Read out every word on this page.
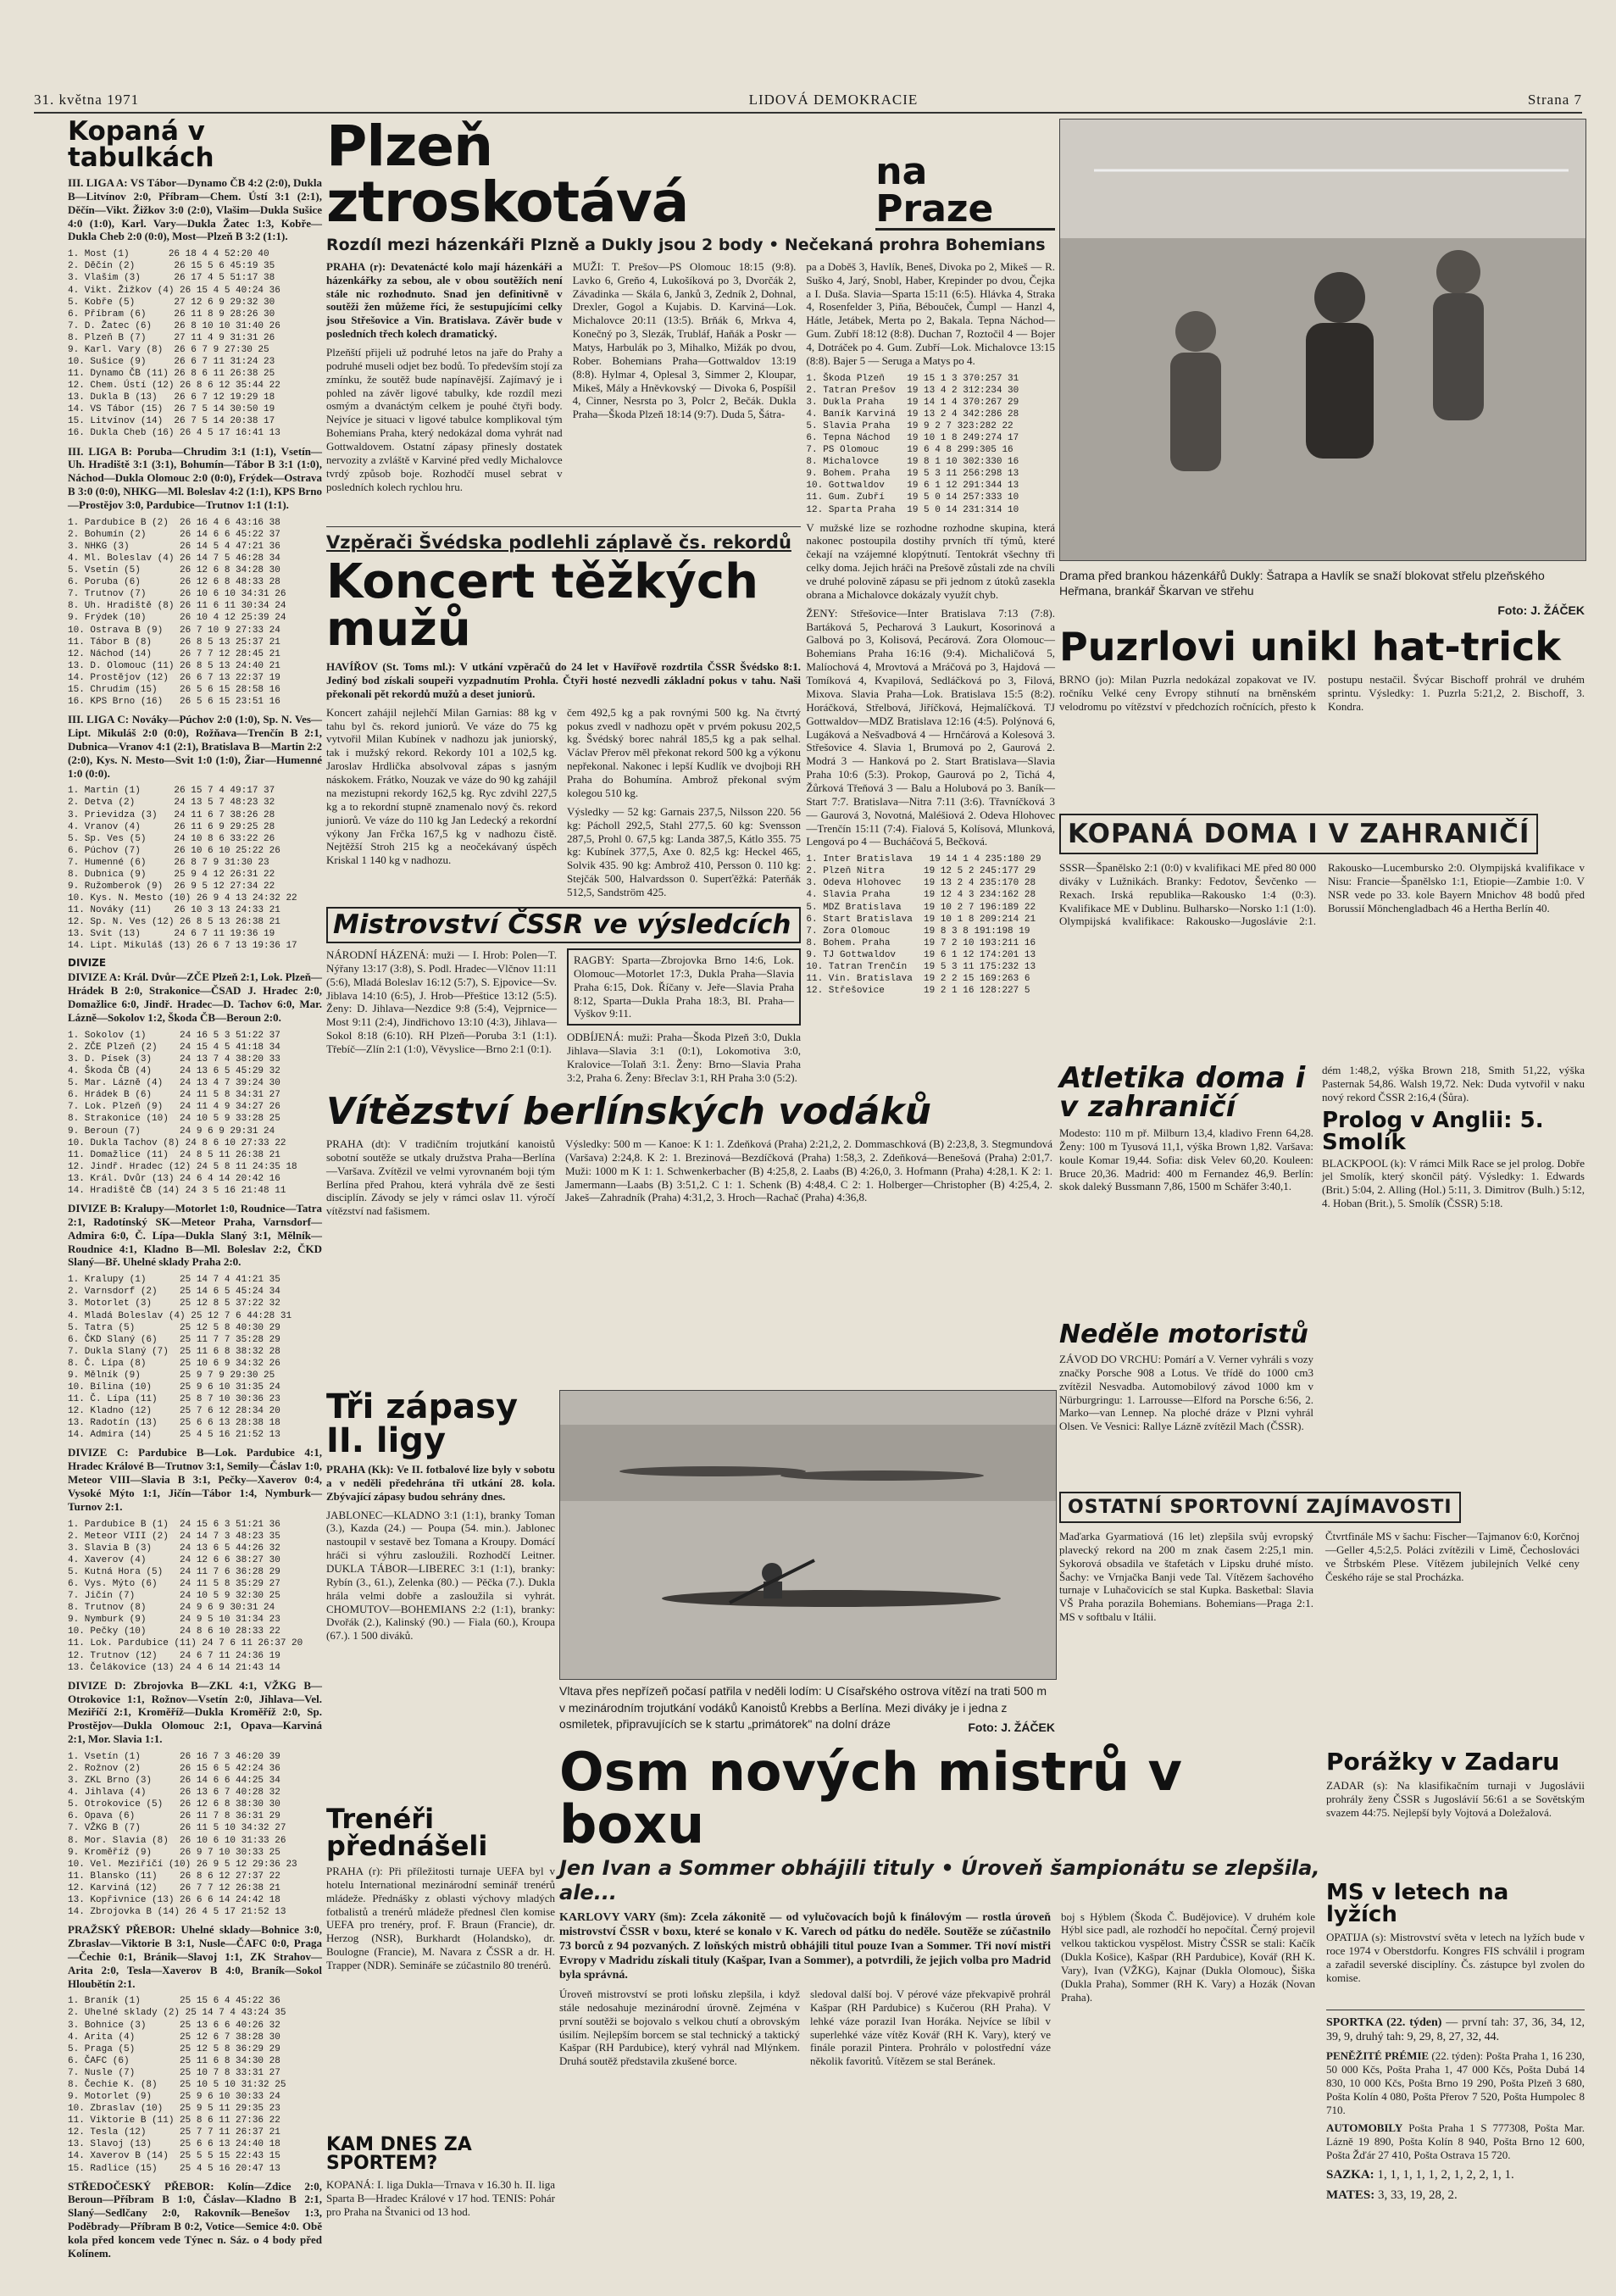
31. května 1971	LIDOVÁ DEMOKRACIE	Strana 7
Kopaná v tabulkách

III. LIGA A: VS Tábor—Dynamo ČB 4:2 (2:0), Dukla B—Litvínov 2:0, Příbram—Chem. Ústí 3:1 (2:1), Děčín—Vikt. Žižkov 3:0 (2:0), Vlašim—Dukla Sušice 4:0 (1:0), Karl. Vary—Dukla Žatec 1:3, Kobře—Dukla Cheb 2:0 (0:0), Most—Plzeň B 3:2 (1:1).

1. Most (1)       26 18 4 4 52:20 40
2. Děčín (2)       26 15 5 6 45:19 35
3. Vlašim (3)      26 17 4 5 51:17 38
4. Vikt. Žižkov (4) 26 15 4 5 40:24 36
5. Kobře (5)       27 12 6 9 29:32 30
6. Příbram (6)     26 11 8 9 28:26 30
7. D. Žatec (6)    26 8 10 10 31:40 26
8. Plzeň B (7)     27 11 4 9 31:31 26
9. Karl. Vary (8)  26 6 7 9 27:30 25
10. Sušice (9)     26 6 7 11 31:24 23
11. Dynamo ČB (11) 26 8 6 11 26:38 25
12. Chem. Ústí (12) 26 8 6 12 35:44 22
13. Dukla B (13)   26 6 7 12 19:29 18
14. VS Tábor (15)  26 7 5 14 30:50 19
15. Litvínov (14)  26 7 5 14 20:38 17
16. Dukla Cheb (16) 26 4 5 17 16:41 13

III. LIGA B: Poruba—Chrudim 3:1 (1:1), Vsetín—Uh. Hradiště 3:1 (3:1), Bohumín—Tábor B 3:1 (1:0), Náchod—Dukla Olomouc 2:0 (0:0), Frýdek—Ostrava B 3:0 (0:0), NHKG—Ml. Boleslav 4:2 (1:1), KPS Brno—Prostějov 3:0, Pardubice—Trutnov 1:1 (1:1).

1. Pardubice B (2)  26 16 4 6 43:16 38
2. Bohumín (2)      26 14 6 6 45:22 37
3. NHKG (3)         26 14 5 4 47:21 36
4. Ml. Boleslav (4) 26 14 7 5 46:28 34
5. Vsetín (5)       26 12 6 8 34:28 30
6. Poruba (6)       26 12 6 8 48:33 28
7. Trutnov (7)      26 10 6 10 34:31 26
8. Uh. Hradiště (8) 26 11 6 11 30:34 24
9. Frýdek (10)      26 10 4 12 25:39 24
10. Ostrava B (9)   26 7 10 9 27:33 24
11. Tábor B (8)     26 8 5 13 25:37 21
12. Náchod (14)     26 7 7 12 28:45 21
13. D. Olomouc (11) 26 8 5 13 24:40 21
14. Prostějov (12)  26 6 7 13 22:37 19
15. Chrudim (15)    26 5 6 15 28:58 16
16. KPS Brno (16)   26 5 6 15 23:51 16

III. LIGA C: Nováky—Púchov 2:0 (1:0), Sp. N. Ves—Lipt. Mikuláš 2:0 (0:0), Rožňava—Trenčín B 2:1, Dubnica—Vranov 4:1 (2:1), Bratislava B—Martin 2:2 (2:0), Kys. N. Mesto—Svit 1:0 (1:0), Žiar—Humenné 1:0 (0:0).

1. Martin (1)      26 15 7 4 49:17 37
2. Detva (2)       24 13 5 7 48:23 32
3. Prievidza (3)   24 11 6 7 38:26 28
4. Vranov (4)      26 11 6 9 29:25 28
5. Sp. Ves (5)     24 10 8 6 33:22 26
6. Púchov (7)      26 10 6 10 25:22 26
7. Humenné (6)     26 8 7 9 31:30 23
8. Dubnica (9)     25 9 4 12 26:31 22
9. Ružomberok (9)  26 9 5 12 27:34 22
10. Kys. N. Mesto (10) 26 9 4 13 24:32 22
11. Nováky (11)    26 10 3 13 24:33 21
12. Sp. N. Ves (12) 26 8 5 13 26:38 21
13. Svit (13)      24 6 7 11 19:36 19
14. Lipt. Mikuláš (13) 26 6 7 13 19:36 17
DIVIZE

DIVIZE A: Král. Dvůr—ZČE Plzeň 2:1, Lok. Plzeň—Hrádek B 2:0, Strakonice—ČSAD J. Hradec 2:0, Domažlice 6:0, Jindř. Hradec—D. Tachov 6:0, Mar. Lázně—Sokolov 1:2, Škoda ČB—Beroun 2:0.

1. Sokolov (1)      24 16 5 3 51:22 37
2. ZČE Plzeň (2)    24 15 4 5 41:18 34
3. D. Písek (3)     24 13 7 4 38:20 33
4. Škoda ČB (4)     24 13 6 5 45:29 32
5. Mar. Lázně (4)   24 13 4 7 39:24 30
6. Hrádek B (6)     24 11 5 8 34:31 27
7. Lok. Plzeň (9)   24 11 4 9 34:27 26
8. Strakonice (10)  24 10 5 9 33:28 25
9. Beroun (7)       24 9 6 9 29:31 24
10. Dukla Tachov (8) 24 8 6 10 27:33 22
11. Domažlice (11)  24 8 5 11 26:38 21
12. Jindř. Hradec (12) 24 5 8 11 24:35 18
13. Král. Dvůr (13) 24 6 4 14 20:42 16
14. Hradiště ČB (14) 24 3 5 16 21:48 11

DIVIZE B: Kralupy—Motorlet 1:0, Roudnice—Tatra 2:1, Radotínský SK—Meteor Praha, Varnsdorf—Admira 6:0, Č. Lípa—Dukla Slaný 3:1, Mělník—Roudnice 4:1, Kladno B—Ml. Boleslav 2:2, ČKD Slaný—Bř. Uhelné sklady Praha 2:0.

1. Kralupy (1)      25 14 7 4 41:21 35
2. Varnsdorf (2)    25 14 6 5 45:24 34
3. Motorlet (3)     25 12 8 5 37:22 32
4. Mladá Boleslav (4) 25 12 7 6 44:28 31
5. Tatra (5)        25 12 5 8 40:30 29
6. ČKD Slaný (6)    25 11 7 7 35:28 29
7. Dukla Slaný (7)  25 11 6 8 38:32 28
8. Č. Lípa (8)      25 10 6 9 34:32 26
9. Mělník (9)       25 9 7 9 29:30 25
10. Bílina (10)     25 9 6 10 31:35 24
11. Č. Lípa (11)    25 8 7 10 30:36 23
12. Kladno (12)     25 7 6 12 28:34 20
13. Radotín (13)    25 6 6 13 28:38 18
14. Admira (14)     25 4 5 16 21:52 13

DIVIZE C: Pardubice B—Lok. Pardubice 4:1, Hradec Králové B—Trutnov 3:1, Semily—Čáslav 1:0, Meteor VIII—Slavia B 3:1, Pečky—Xaverov 0:4, Vysoké Mýto 1:1, Jičín—Tábor 1:4, Nymburk—Turnov 2:1.

1. Pardubice B (1)  24 15 6 3 51:21 36
2. Meteor VIII (2)  24 14 7 3 48:23 35
3. Slavia B (3)     24 13 6 5 44:26 32
4. Xaverov (4)      24 12 6 6 38:27 30
5. Kutná Hora (5)   24 11 7 6 36:28 29
6. Vys. Mýto (6)    24 11 5 8 35:29 27
7. Jičín (7)        24 10 5 9 32:30 25
8. Trutnov (8)      24 9 6 9 30:31 24
9. Nymburk (9)      24 9 5 10 31:34 23
10. Pečky (10)      24 8 6 10 28:33 22
11. Lok. Pardubice (11) 24 7 6 11 26:37 20
12. Trutnov (12)    24 6 7 11 24:36 19
13. Čelákovice (13) 24 4 6 14 21:43 14

DIVIZE D: Zbrojovka B—ZKL 4:1, VŽKG B—Otrokovice 1:1, Rožnov—Vsetín 2:0, Jihlava—Vel. Meziříčí 2:1, Kroměříž—Dukla Kroměříž 2:0, Sp. Prostějov—Dukla Olomouc 2:1, Opava—Karviná 2:1, Mor. Slavia 1:1.

1. Vsetín (1)       26 16 7 3 46:20 39
2. Rožnov (2)       26 15 6 5 42:24 36
3. ZKL Brno (3)     26 14 6 6 44:25 34
4. Jihlava (4)      26 13 6 7 40:28 32
5. Otrokovice (5)   26 12 6 8 38:30 30
6. Opava (6)        26 11 7 8 36:31 29
7. VŽKG B (7)       26 11 5 10 34:32 27
8. Mor. Slavia (8)  26 10 6 10 31:33 26
9. Kroměříž (9)     26 9 7 10 30:33 25
10. Vel. Meziříčí (10) 26 9 5 12 29:36 23
11. Blansko (11)    26 8 6 12 27:37 22
12. Karviná (12)    26 7 7 12 26:38 21
13. Kopřivnice (13) 26 6 6 14 24:42 18
14. Zbrojovka B (14) 26 4 5 17 21:52 13

PRAŽSKÝ PŘEBOR: Uhelné sklady—Bohnice 3:0, Zbraslav—Viktorie B 3:1, Nusle—ČAFC 0:0, Praga—Čechie 0:1, Bránik—Slavoj 1:1, ZK Strahov—Arita 2:0, Tesla—Xaverov B 4:0, Braník—Sokol Hloubětín 2:1.

1. Braník (1)       25 15 6 4 45:22 36
2. Uhelné sklady (2) 25 14 7 4 43:24 35
3. Bohnice (3)      25 13 6 6 40:26 32
4. Arita (4)        25 12 6 7 38:28 30
5. Praga (5)        25 12 5 8 36:29 29
6. ČAFC (6)         25 11 6 8 34:30 28
7. Nusle (7)        25 10 7 8 33:31 27
8. Čechie K. (8)    25 10 5 10 31:32 25
9. Motorlet (9)     25 9 6 10 30:33 24
10. Zbraslav (10)   25 9 5 11 29:35 23
11. Viktorie B (11) 25 8 6 11 27:36 22
12. Tesla (12)      25 7 7 11 26:37 21
13. Slavoj (13)     25 6 6 13 24:40 18
14. Xaverov B (14)  25 5 5 15 22:43 15
15. Radlice (15)    25 4 5 16 20:47 13

STŘEDOČESKÝ PŘEBOR: Kolín—Zdice 2:0, Beroun—Příbram B 1:0, Čáslav—Kladno B 2:1, Slaný—Sedlčany 2:0, Rakovník—Benešov 1:3, Poděbrady—Příbram B 0:2, Votice—Semice 4:0. Obě kola před koncem vede Týnec n. Sáz. o 4 body před Kolínem.

Plzeň ztroskotává	na Praze
Rozdíl mezi házenkáři Plzně a Dukly jsou 2 body • Nečekaná prohra Bohemians

PRAHA (r): Devatenácté kolo mají házenkáři a házenkářky za sebou, ale v obou soutěžích není stále nic rozhodnuto. Snad jen definitivně v soutěži žen můžeme říci, že sestupujícími celky jsou Střešovice a Vin. Bratislava. Závěr bude v posledních třech kolech dramatický.

Plzeňští přijeli už podruhé letos na jaře do Prahy a podruhé museli odjet bez bodů. To především stojí za zmínku, že soutěž bude napínavější. Zajímavý je i pohled na závěr ligové tabulky, kde rozdíl mezi osmým a dvanáctým celkem je pouhé čtyři body. Nejvíce je situaci v ligové tabulce komplikoval tým Bohemians Praha, který nedokázal doma vyhrát nad Gottwaldovem. Ostatní zápasy přinesly dostatek nervozity a zvláště v Karviné před vedly Michalovce tvrdý způsob boje. Rozhodčí musel sebrat v posledních kolech rychlou hru.

MUŽI: T. Prešov—PS Olomouc 18:15 (9:8). Lavko 6, Greňo 4, Lukošíková po 3, Dvorčák 2, Závadinka — Skála 6, Janků 3, Zedník 2, Dohnal, Drexler, Gogol a Kujabis. D. Karviná—Lok. Michalovce 20:11 (13:5). Brňák 6, Mrkva 4, Konečný po 3, Slezák, Trubláf, Haňák a Poskr — Matys, Harbulák po 3, Mihalko, Mižák po dvou, Rober. Bohemians Praha—Gottwaldov 13:19 (8:8). Hylmar 4, Oplesal 3, Simmer 2, Kloupar, Mikeš, Mály a Hněvkovský — Divoka 6, Pospíšil 4, Cinner, Nesrsta po 3, Polcr 2, Bečák. Dukla Praha—Škoda Plzeň 18:14 (9:7). Duda 5, Šátra-

pa a Doběš 3, Havlík, Beneš, Divoka po 2, Mikeš — R. Suško 4, Jarý, Snobl, Haber, Krepinder po dvou, Čejka a I. Duša. Slavia—Sparta 15:11 (6:5). Hlávka 4, Straka 4, Rosenfelder 3, Piňa, Bébouček, Čumpl — Hanzl 4, Hátle, Jetábek, Merta po 2, Bakala. Tepna Náchod—Gum. Zubří 18:12 (8:8). Duchan 7, Roztočil 4 — Bojer 4, Dotráček po 4. Gum. Zubří—Lok. Michalovce 13:15 (8:8). Bajer 5 — Seruga a Matys po 4.

1. Škoda Plzeň    19 15 1 3 370:257 31
2. Tatran Prešov  19 13 4 2 312:234 30
3. Dukla Praha    19 14 1 4 370:267 29
4. Baník Karviná  19 13 2 4 342:286 28
5. Slavia Praha   19 9 2 7 323:282 22
6. Tepna Náchod   19 10 1 8 249:274 17
7. PS Olomouc     19 6 4 8 299:305 16
8. Michalovce     19 8 1 10 302:330 16
9. Bohem. Praha   19 5 3 11 256:298 13
10. Gottwaldov    19 6 1 12 291:344 13
11. Gum. Zubří    19 5 0 14 257:333 10
12. Sparta Praha  19 5 0 14 231:314 10

V mužské lize se rozhodne rozhodne skupina, která nakonec postoupila dostihy prvních tří týmů, které čekají na vzájemné klopýtnutí. Tentokrát všechny tři celky doma. Jejich hráči na Prešově zůstali zde na chvíli ve druhé polovině zápasu se při jednom z útoků zasekla obrana a Michalovce dokázaly využít chyb.

ŽENY: Střešovice—Inter Bratislava 7:13 (7:8). Bartáková 5, Pecharová 3 Laukurt, Kosorinová a Galbová po 3, Kolisová, Pecárová. Zora Olomouc—Bohemians Praha 16:16 (9:4). Michaličová 5, Malíochová 4, Mrovtová a Mráčová po 3, Hajdová — Tomíková 4, Kvapilová, Sedláčková po 3, Filová, Mixova. Slavia Praha—Lok. Bratislava 15:5 (8:2). Horáčková, Střelbová, Jiříčková, Hejmalíčková. TJ Gottwaldov—MDZ Bratislava 12:16 (4:5). Polýnová 6, Lugáková a Nešvadbová 4 — Hrnčárová a Kolesová 3. Střešovice 4. Slavia 1, Brumová po 2, Gaurová 2. Modrá 3 — Hanková po 2. Start Bratislava—Slavia Praha 10:6 (5:3). Prokop, Gaurová po 2, Tichá 4, Žůrková Třeňová 3 — Balu a Holubová po 3. Baník—Start 7:7. Bratislava—Nitra 7:11 (3:6). Třavníčková 3 — Gaurová 3, Novotná, Maléšiová 2. Odeva Hlohovec—Trenčín 15:11 (7:4). Fialová 5, Kolísová, Mlunková, Lengová po 4 — Bucháčová 5, Bečková.

1. Inter Bratislava   19 14 1 4 235:180 29
2. Plzeň Nitra       19 12 5 2 245:177 29
3. Odeva Hlohovec    19 13 2 4 235:170 28
4. Slavia Praha      19 12 4 3 234:162 28
5. MDZ Bratislava    19 10 2 7 196:189 22
6. Start Bratislava  19 10 1 8 209:214 21
7. Zora Olomouc      19 8 3 8 191:198 19
8. Bohem. Praha      19 7 2 10 193:211 16
9. TJ Gottwaldov     19 6 1 12 174:201 13
10. Tatran Trenčín   19 5 3 11 175:232 13
11. Vin. Bratislava  19 2 2 15 169:263 6
12. Střešovice       19 2 1 16 128:227 5
Vzpěrači Švédska podlehli záplavě čs. rekordů
Koncert těžkých mužů

HAVÍŘOV (St. Toms ml.): V utkání vzpěračů do 24 let v Havířově rozdrtila ČSSR Švédsko 8:1. Jediný bod získali soupeři vyzpadnutím Prohla. Čtyři hosté nezvedli základní pokus v tahu. Naši překonali pět rekordů mužů a deset juniorů.

Koncert zahájil nejlehčí Milan Garnias: 88 kg v tahu byl čs. rekord juniorů. Ve váze do 75 kg vytvořil Milan Kubínek v nadhozu jak juniorský, tak i mužský rekord. Rekordy 101 a 102,5 kg. Jaroslav Hrdlička absolvoval zápas s jasným náskokem. Frátko, Nouzak ve váze do 90 kg zahájil na mezistupni rekordy 162,5 kg. Ryc zdvihl 227,5 kg a to rekordní stupně znamenalo nový čs. rekord juniorů. Ve váze do 110 kg Jan Ledecký a rekordní výkony Jan Frčka 167,5 kg v nadhozu čistě. Nejtěžší Stroh 215 kg a neočekávaný úspěch Kriskal 1 140 kg v nadhozu.

čem 492,5 kg a pak rovnými 500 kg. Na čtvrtý pokus zvedl v nadhozu opět v prvém pokusu 202,5 kg. Švédský borec nahrál 185,5 kg a pak selhal. Václav Přerov měl překonat rekord 500 kg a výkonu nepřekonal. Nakonec i lepší Kudlík ve dvojboji RH Praha do Bohumína. Ambrož překonal svým kolegou 510 kg.

Výsledky — 52 kg: Garnais 237,5, Nilsson 220. 56 kg: Pácholl 292,5, Stahl 277,5. 60 kg: Svensson 287,5, Prohl 0. 67,5 kg: Landa 387,5, Kátlo 355. 75 kg: Kubínek 377,5, Axe 0. 82,5 kg: Heckel 465, Solvik 435. 90 kg: Ambrož 410, Persson 0. 110 kg: Stejčák 500, Halvardsson 0. Superťěžká: Paterňák 512,5, Sandström 425.

Mistrovství ČSSR ve výsledcích

NÁRODNÍ HÁZENÁ: muži — I. Hrob: Polen—T. Nýřany 13:17 (3:8), S. Podl. Hradec—Vlčnov 11:11 (5:6), Mladá Boleslav 16:12 (5:7), S. Ejpovice—Sv. Jiblava 14:10 (6:5), J. Hrob—Přeštice 13:12 (5:5). Ženy: D. Jihlava—Nezdice 9:8 (5:4), Vejprnice—Most 9:11 (2:4), Jindřichovo 13:10 (4:3), Jihlava—Sokol 8:18 (6:10). RH Plzeň—Poruba 3:1 (1:1). Třebíč—Zlín 2:1 (1:0), Věvyslice—Brno 2:1 (0:1).

RAGBY: Sparta—Zbrojovka Brno 14:6, Lok. Olomouc—Motorlet 17:3, Dukla Praha—Slavia Praha 6:15, Dok. Říčany v. Jeře—Slavia Praha 8:12, Sparta—Dukla Praha 18:3, BI. Praha—Vyškov 9:11.

ODBÍJENÁ: muži: Praha—Škoda Plzeň 3:0, Dukla Jihlava—Slavia 3:1 (0:1), Lokomotiva 3:0, Kralovice—Tolaň 3:1. Ženy: Brno—Slavia Praha 3:2, Praha 6. Ženy: Břeclav 3:1, RH Praha 3:0 (5:2).

Vítězství berlínských vodáků

PRAHA (dt): V tradičním trojutkání kanoistů sobotní soutěže se utkaly družstva Praha—Berlína—Varšava. Zvítězil ve velmi vyrovnaném boji tým Berlína před Prahou, která vyhrála dvě ze šesti disciplín. Závody se jely v rámci oslav 11. výročí vítězství nad fašismem.

Výsledky: 500 m — Kanoe: K 1: 1. Zdeňková (Praha) 2:21,2, 2. Dommaschková (B) 2:23,8, 3. Stegmundová (Varšava) 2:24,8. K 2: 1. Brezinová—Bezdíčková (Praha) 1:58,3, 2. Zdeňková—Benešová (Praha) 2:01,7. Muži: 1000 m K 1: 1. Schwenkerbacher (B) 4:25,8, 2. Laabs (B) 4:26,0, 3. Hofmann (Praha) 4:28,1. K 2: 1. Jamermann—Laabs (B) 3:51,2. C 1: 1. Schenk (B) 4:48,4. C 2: 1. Holberger—Christopher (B) 4:25,4, 2. Jakeš—Zahradník (Praha) 4:31,2, 3. Hroch—Rachač (Praha) 4:36,8.

Tři zápasy II. ligy

PRAHA (Kk): Ve II. fotbalové lize byly v sobotu a v neděli předehrána tři utkání 28. kola. Zbývající zápasy budou sehrány dnes.

JABLONEC—KLADNO 3:1 (1:1), branky Toman (3.), Kazda (24.) — Poupa (54. min.). Jablonec nastoupil v sestavě bez Tomana a Kroupy. Domácí hráči si výhru zasloužili. Rozhodčí Leitner. DUKLA TÁBOR—LIBEREC 3:1 (1:1), branky: Rybín (3., 61.), Zelenka (80.) — Pěčka (7.). Dukla hrála velmi dobře a zasloužila si vyhrát. CHOMUTOV—BOHEMIANS 2:2 (1:1), branky: Dvořák (2.), Kalinský (90.) — Fiala (60.), Kroupa (67.). 1 500 diváků.

Trenéři přednášeli

PRAHA (r): Při příležitosti turnaje UEFA byl v hotelu International mezinárodní seminář trenérů mládeže. Přednášky z oblasti výchovy mladých fotbalistů a trenérů mládeže přednesl člen komise UEFA pro trenéry, prof. F. Braun (Francie), dr. Herzog (NSR), Burkhardt (Holandsko), dr. Boulogne (Francie), M. Navara z ČSSR a dr. H. Trapper (NDR). Semináře se zúčastnilo 80 trenérů.

KAM DNES ZA SPORTEM?

KOPANÁ: I. liga Dukla—Trnava v 16.30 h. II. liga Sparta B—Hradec Králové v 17 hod. TENIS: Pohár pro Praha na Štvanici od 13 hod.

Vltava přes nepřízeň počasí patřila v neděli lodím: U Císařského ostrova vítězí na trati 500 m v mezinárodním trojutkání vodáků Kanoistů Krebbs a Berlína. Mezi diváky je i jedna z osmiletek, připravujících se k startu „primátorek" na dolní dráze	Foto: J. ŽÁČEK
Osm nových mistrů v boxu
Jen Ivan a Sommer obhájili tituly • Úroveň šampionátu se zlepšila, ale...

KARLOVY VARY (šm): Zcela zákonitě — od vylučovacích bojů k finálovým — rostla úroveň mistrovství ČSSR v boxu, které se konalo v K. Varech od pátku do neděle. Soutěže se zúčastnilo 73 borců z 94 pozvaných. Z loňských mistrů obhájili titul pouze Ivan a Sommer. Tři noví mistři Evropy v Madridu získali tituly (Kašpar, Ivan a Sommer), a potvrdili, že jejich volba pro Madrid byla správná.

Úroveň mistrovství se proti loňsku zlepšila, i když stále nedosahuje mezinárodní úrovně. Zejména v první soutěži se bojovalo s velkou chutí a obrovským úsilím. Nejlepším borcem se stal technický a taktický Kašpar (RH Pardubice), který vyhrál nad Mlýnkem. Druhá soutěž představila zkušené borce.

sledoval další boj. V pérové váze překvapivě prohrál Kašpar (RH Pardubice) s Kučerou (RH Praha). V lehké váze porazil Ivan Horáka. Nejvíce se líbil v superlehké váze vítěz Kovář (RH K. Vary), který ve finále porazil Pintera. Prohrálo v polostřední váze několik favoritů. Vítězem se stal Beránek.

boj s Hýblem (Škoda Č. Budějovice). V druhém kole Hýbl sice padl, ale rozhodčí ho nepočítal. Černý projevil velkou taktickou vyspělost. Mistry ČSSR se stali: Kačík (Dukla Košice), Kašpar (RH Pardubice), Kovář (RH K. Vary), Ivan (VŽKG), Kajnar (Dukla Olomouc), Šiška (Dukla Praha), Sommer (RH K. Vary) a Hozák (Novan Praha).

Drama před brankou házenkářů Dukly: Šatrapa a Havlík se snaží blokovat střelu plzeňského Heřmana, brankář Škarvan ve střehu

Foto: J. ŽÁČEK
Puzrlovi unikl hat-trick

BRNO (jo): Milan Puzrla nedokázal zopakovat ve IV. ročníku Velké ceny Evropy stihnutí na brněnském velodromu po vítězství v předchozích ročnících, přesto k postupu nestačil. Švýcar Bischoff prohrál ve druhém sprintu. Výsledky: 1. Puzrla 5:21,2, 2. Bischoff, 3. Kondra.

KOPANÁ DOMA I V ZAHRANIČÍ

SSSR—Španělsko 2:1 (0:0) v kvalifikaci ME před 80 000 diváky v Lužnikách. Branky: Fedotov, Ševčenko — Rexach. Irská republika—Rakousko 1:4 (0:3). Kvalifikace ME v Dublinu. Bulharsko—Norsko 1:1 (1:0). Olympijská kvalifikace: Rakousko—Jugoslávie 2:1. Rakousko—Lucembursko 2:0. Olympijská kvalifikace v Nisu: Francie—Španělsko 1:1, Etiopie—Zambie 1:0. V NSR vede po 33. kole Bayern Mnichov 48 bodů před Borussií Mönchengladbach 46 a Hertha Berlín 40.

Atletika doma i v zahraničí

Modesto: 110 m př. Milburn 13,4, kladivo Frenn 64,28. Ženy: 100 m Tyusová 11,1, výška Brown 1,82. Varšava: koule Komar 19,44. Sofia: disk Velev 60,20. Kouleen: Bruce 20,36. Madrid: 400 m Fernandez 46,9. Berlín: skok daleký Bussmann 7,86, 1500 m Schäfer 3:40,1.

dém 1:48,2, výška Brown 218, Smith 51,22, výška Pasternak 54,86. Walsh 19,72. Nek: Duda vytvořil v naku nový rekord ČSSR 2:16,4 (Šůra).

Prolog v Anglii: 5. Smolík

BLACKPOOL (k): V rámci Milk Race se jel prolog. Dobře jel Smolík, který skončil pátý. Výsledky: 1. Edwards (Brit.) 5:04, 2. Alling (Hol.) 5:11, 3. Dimitrov (Bulh.) 5:12, 4. Hoban (Brit.), 5. Smolík (ČSSR) 5:18.

Neděle motoristů

ZÁVOD DO VRCHU: Pomárí a V. Verner vyhráli s vozy značky Porsche 908 a Lotus. Ve třídě do 1000 cm3 zvítězil Nesvadba. Automobilový závod 1000 km v Nürburgringu: 1. Larrousse—Elford na Porsche 6:56, 2. Marko—van Lennep. Na ploché dráze v Plzni vyhrál Olsen. Ve Vesnici: Rallye Lázně zvítězil Mach (ČSSR).

OSTATNÍ SPORTOVNÍ ZAJÍMAVOSTI

Maďarka Gyarmatiová (16 let) zlepšila svůj evropský plavecký rekord na 200 m znak časem 2:25,1 min. Sykorová obsadila ve štafetách v Lipsku druhé místo. Šachy: ve Vrnjačka Banji vede Tal. Vítězem šachového turnaje v Luhačovicích se stal Kupka. Basketbal: Slavia VŠ Praha porazila Bohemians. Bohemians—Praga 2:1. MS v softbalu v Itálii.

Čtvrtfinále MS v šachu: Fischer—Tajmanov 6:0, Korčnoj—Geller 4,5:2,5. Poláci zvítězili v Limě, Čechoslováci ve Štrbském Plese. Vítězem jubilejních Velké ceny Českého ráje se stal Procházka.

Porážky v Zadaru

ZADAR (s): Na klasifikačním turnaji v Jugoslávii prohrály ženy ČSSR s Jugoslávií 56:61 a se Sovětským svazem 44:75. Nejlepší byly Vojtová a Doležalová.

MS v letech na lyžích

OPATIJA (s): Mistrovství světa v letech na lyžích bude v roce 1974 v Oberstdorfu. Kongres FIS schválil i program a zařadil severské disciplíny. Čs. zástupce byl zvolen do komise.

SPORTKA (22. týden) — první tah: 37, 36, 34, 12, 39, 9, druhý tah: 9, 29, 8, 27, 32, 44.

PENĚŽITÉ PRÉMIE (22. týden): Pošta Praha 1, 16 230, 50 000 Kčs, Pošta Praha 1, 47 000 Kčs, Pošta Dubá 14 830, 10 000 Kčs, Pošta Brno 19 290, Pošta Plzeň 3 680, Pošta Kolín 4 080, Pošta Přerov 7 520, Pošta Humpolec 8 710.

AUTOMOBILY Pošta Praha 1 S 777308, Pošta Mar. Lázně 19 890, Pošta Kolín 8 940, Pošta Brno 12 600, Pošta Žďár 27 410, Pošta Ostrava 15 720.

SAZKA: 1, 1, 1, 1, 1, 2, 1, 2, 2, 1, 1.

MATES: 3, 33, 19, 28, 2.
